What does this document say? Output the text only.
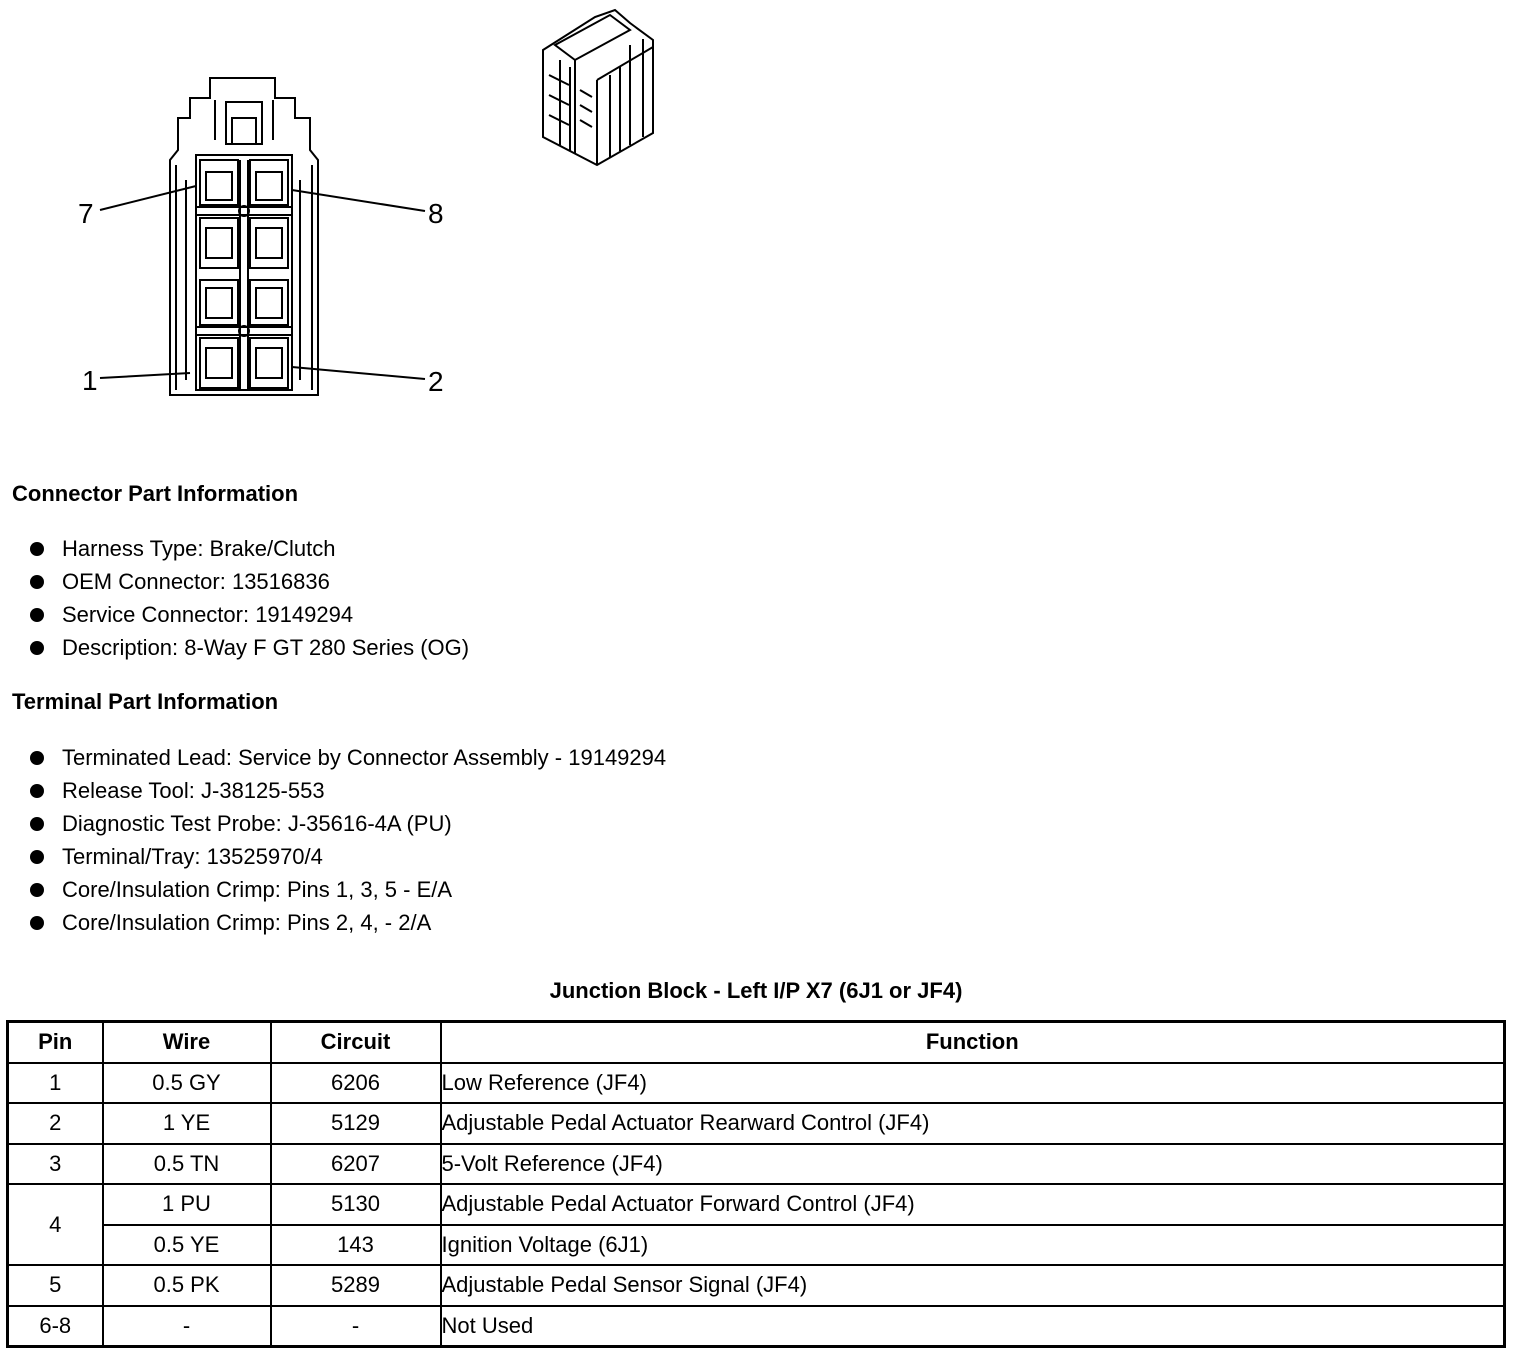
7	8
1	2
Connector Part Information
Harness Type: Brake/Clutch
OEM Connector: 13516836
Service Connector: 19149294
Description: 8-Way F GT 280 Series (OG)
Terminal Part Information
Terminated Lead: Service by Connector Assembly - 19149294
Release Tool: J-38125-553
Diagnostic Test Probe: J-35616-4A (PU)
Terminal/Tray: 13525970/4
Core/Insulation Crimp: Pins 1, 3, 5 - E/A
Core/Insulation Crimp: Pins 2, 4, - 2/A
Junction Block - Left I/P X7 (6J1 or JF4)
Pin	Wire	Circuit	Function
1	0.5 GY	6206	Low Reference (JF4)
2	1 YE	5129	Adjustable Pedal Actuator Rearward Control (JF4)
3	0.5 TN	6207	5-Volt Reference (JF4)
4	1 PU	5130	Adjustable Pedal Actuator Forward Control (JF4)
	0.5 YE	143	Ignition Voltage (6J1)
5	0.5 PK	5289	Adjustable Pedal Sensor Signal (JF4)
6-8	-	-	Not Used
